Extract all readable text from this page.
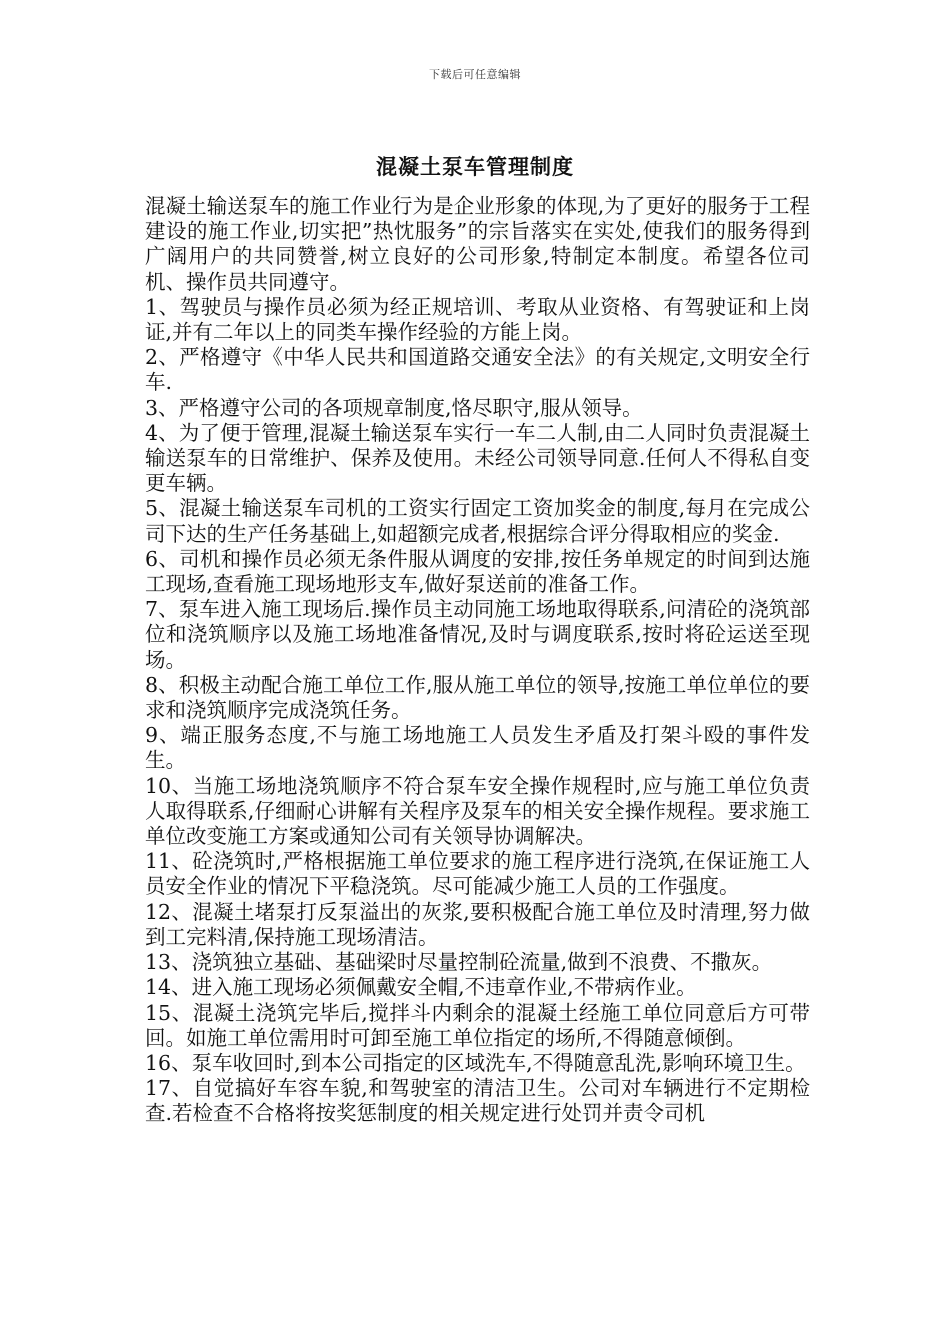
下载后可任意编辑
混凝土泵车管理制度

混凝土输送泵车的施工作业行为是企业形象的体现,为了更好的服务于工程建设的施工作业,切实把”热忱服务”的宗旨落实在实处,使我们的服务得到广阔用户的共同赞誉,树立良好的公司形象,特制定本制度。希望各位司机、操作员共同遵守。

1、驾驶员与操作员必须为经正规培训、考取从业资格、有驾驶证和上岗证,并有二年以上的同类车操作经验的方能上岗。

2、严格遵守《中华人民共和国道路交通安全法》的有关规定,文明安全行车.

3、严格遵守公司的各项规章制度,恪尽职守,服从领导。

4、为了便于管理,混凝土输送泵车实行一车二人制,由二人同时负责混凝土输送泵车的日常维护、保养及使用。未经公司领导同意.任何人不得私自变更车辆。

5、混凝土输送泵车司机的工资实行固定工资加奖金的制度,每月在完成公司下达的生产任务基础上,如超额完成者,根据综合评分得取相应的奖金.

6、司机和操作员必须无条件服从调度的安排,按任务单规定的时间到达施工现场,查看施工现场地形支车,做好泵送前的准备工作。

7、泵车进入施工现场后.操作员主动同施工场地取得联系,问清砼的浇筑部位和浇筑顺序以及施工场地准备情况,及时与调度联系,按时将砼运送至现场。

8、积极主动配合施工单位工作,服从施工单位的领导,按施工单位单位的要求和浇筑顺序完成浇筑任务。

9、端正服务态度,不与施工场地施工人员发生矛盾及打架斗殴的事件发生。

10、当施工场地浇筑顺序不符合泵车安全操作规程时,应与施工单位负责人取得联系,仔细耐心讲解有关程序及泵车的相关安全操作规程。要求施工单位改变施工方案或通知公司有关领导协调解决。

11、砼浇筑时,严格根据施工单位要求的施工程序进行浇筑,在保证施工人员安全作业的情况下平稳浇筑。尽可能减少施工人员的工作强度。

12、混凝土堵泵打反泵溢出的灰浆,要积极配合施工单位及时清理,努力做到工完料清,保持施工现场清洁。

13、浇筑独立基础、基础梁时尽量控制砼流量,做到不浪费、不撒灰。

14、进入施工现场必须佩戴安全帽,不违章作业,不带病作业。

15、混凝土浇筑完毕后,搅拌斗内剩余的混凝土经施工单位同意后方可带回。如施工单位需用时可卸至施工单位指定的场所,不得随意倾倒。

16、泵车收回时,到本公司指定的区域洗车,不得随意乱洗,影响环境卫生。

17、自觉搞好车容车貌,和驾驶室的清洁卫生。公司对车辆进行不定期检查.若检查不合格将按奖惩制度的相关规定进行处罚并责令司机
